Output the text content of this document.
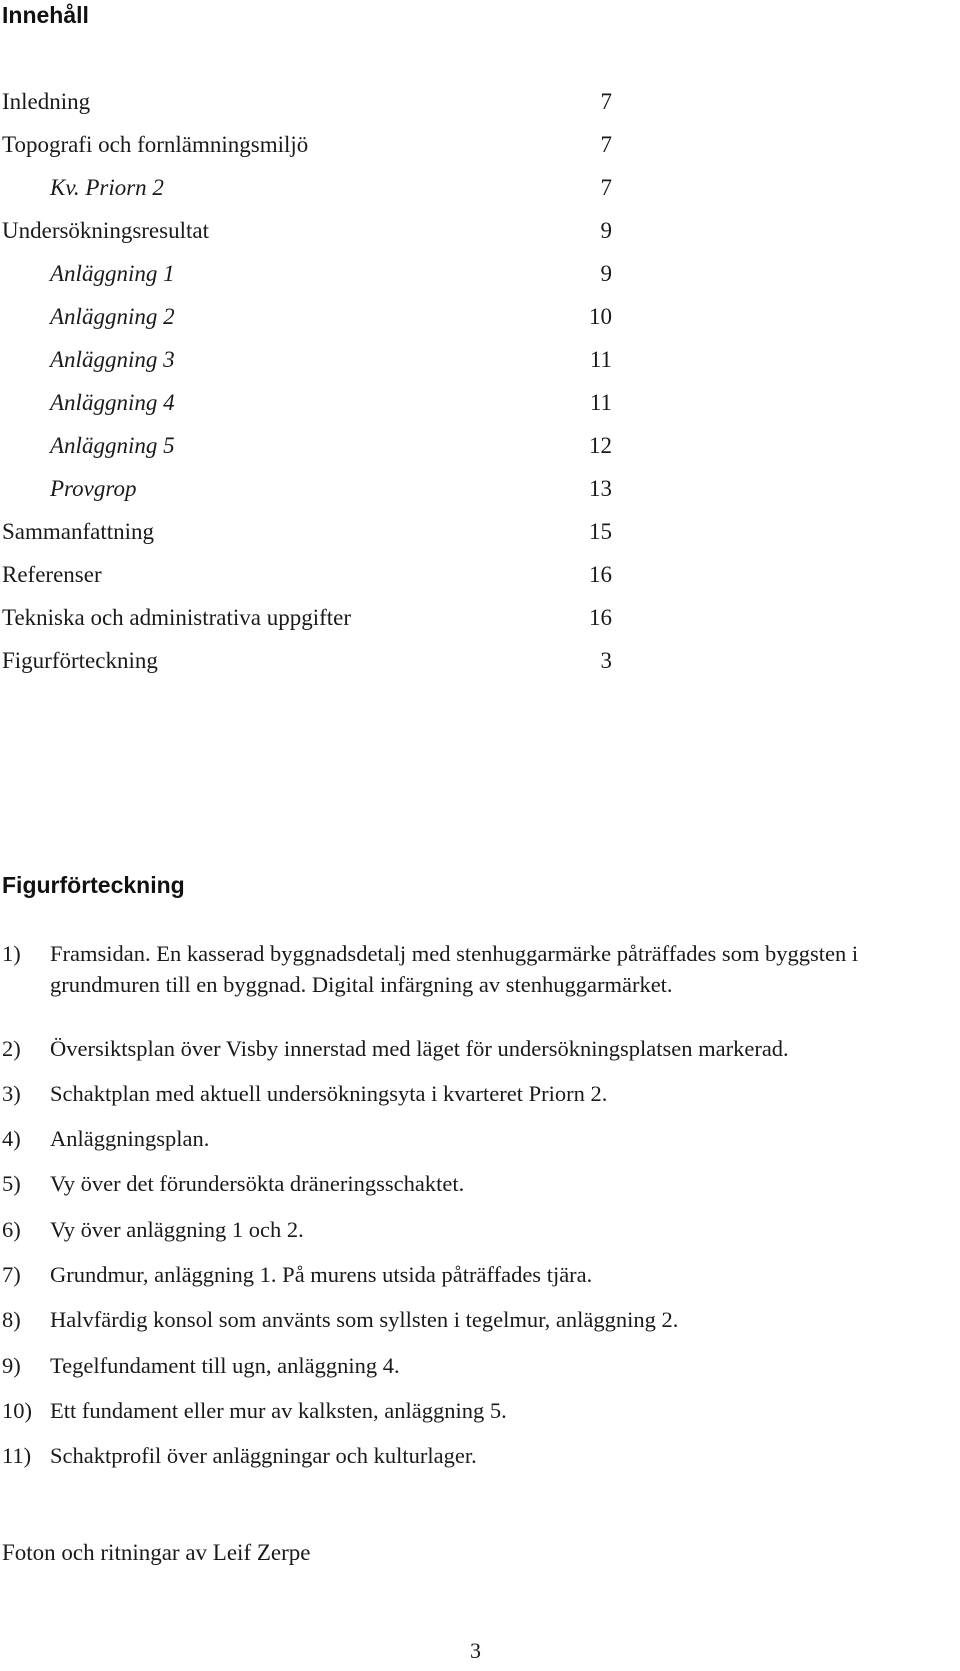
Innehåll
Inledning	7
Topografi och fornlämningsmiljö	7
Kv. Priorn 2	7
Undersökningsresultat	9
Anläggning 1	9
Anläggning 2	10
Anläggning 3	11
Anläggning 4	11
Anläggning 5	12
Provgrop	13
Sammanfattning	15
Referenser	16
Tekniska och administrativa uppgifter	16
Figurförteckning	3
Figurförteckning
1)	Framsidan. En kasserad byggnadsdetalj med stenhuggarmärke påträffades som byggsten i grundmuren till en byggnad. Digital infärgning av stenhuggarmärket.
2)	Översiktsplan över Visby innerstad med läget för undersökningsplatsen markerad.
3)	Schaktplan med aktuell undersökningsyta i kvarteret Priorn 2.
4)	Anläggningsplan.
5)	Vy över det förundersökta dräneringsschaktet.
6)	Vy över anläggning 1 och 2.
7)	Grundmur, anläggning 1. På murens utsida påträffades tjära.
8)	Halvfärdig konsol som använts som syllsten i tegelmur, anläggning 2.
9)	Tegelfundament till ugn, anläggning 4.
10) Ett fundament eller mur av kalksten, anläggning 5.
11) Schaktprofil över anläggningar och kulturlager.
Foton och ritningar av Leif Zerpe
3
